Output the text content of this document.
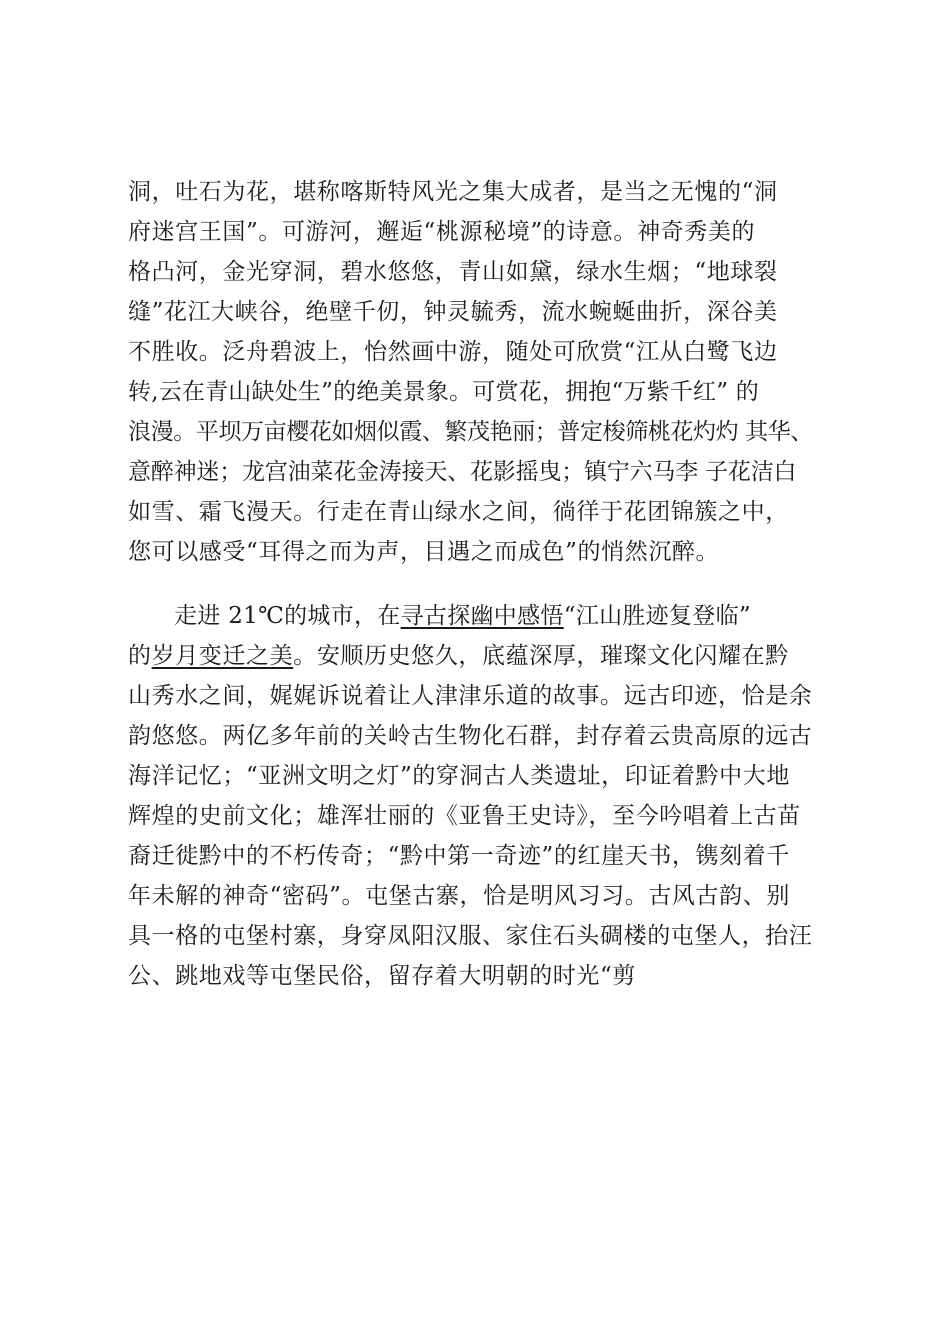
洞，吐石为花，堪称喀斯特风光之集大成者，是当之无愧的“洞
府迷宫王国”。可游河，邂逅“桃源秘境”的诗意。神奇秀美的
格凸河，金光穿洞，碧水悠悠，青山如黛，绿水生烟；“地球裂
缝”花江大峡谷，绝壁千仞，钟灵毓秀，流水蜿蜒曲折，深谷美
不胜收。泛舟碧波上，怡然画中游，随处可欣赏“江从白鹭飞边
转,云在青山缺处生”的绝美景象。可赏花，拥抱“万紫千红” 的
浪漫。平坝万亩樱花如烟似霞、繁茂艳丽；普定梭筛桃花灼灼 其华、
意醉神迷；龙宫油菜花金涛接天、花影摇曳；镇宁六马李 子花洁白
如雪、霜飞漫天。行走在青山绿水之间，徜徉于花团锦簇之中，
您可以感受“耳得之而为声，目遇之而成色”的悄然沉醉。
走进 21℃的城市，在寻古探幽中感悟“江山胜迹复登临”
的岁月变迁之美。安顺历史悠久，底蕴深厚，璀璨文化闪耀在黔
山秀水之间，娓娓诉说着让人津津乐道的故事。远古印迹，恰是余
韵悠悠。两亿多年前的关岭古生物化石群，封存着云贵高原的远古
海洋记忆；“亚洲文明之灯”的穿洞古人类遗址，印证着黔中大地
辉煌的史前文化；雄浑壮丽的《亚鲁王史诗》，至今吟唱着上古苗
裔迁徙黔中的不朽传奇；“黔中第一奇迹”的红崖天书，镌刻着千
年未解的神奇“密码”。屯堡古寨，恰是明风习习。古风古韵、别
具一格的屯堡村寨，身穿凤阳汉服、家住石头碉楼的屯堡人，抬汪
公、跳地戏等屯堡民俗，留存着大明朝的时光“剪
